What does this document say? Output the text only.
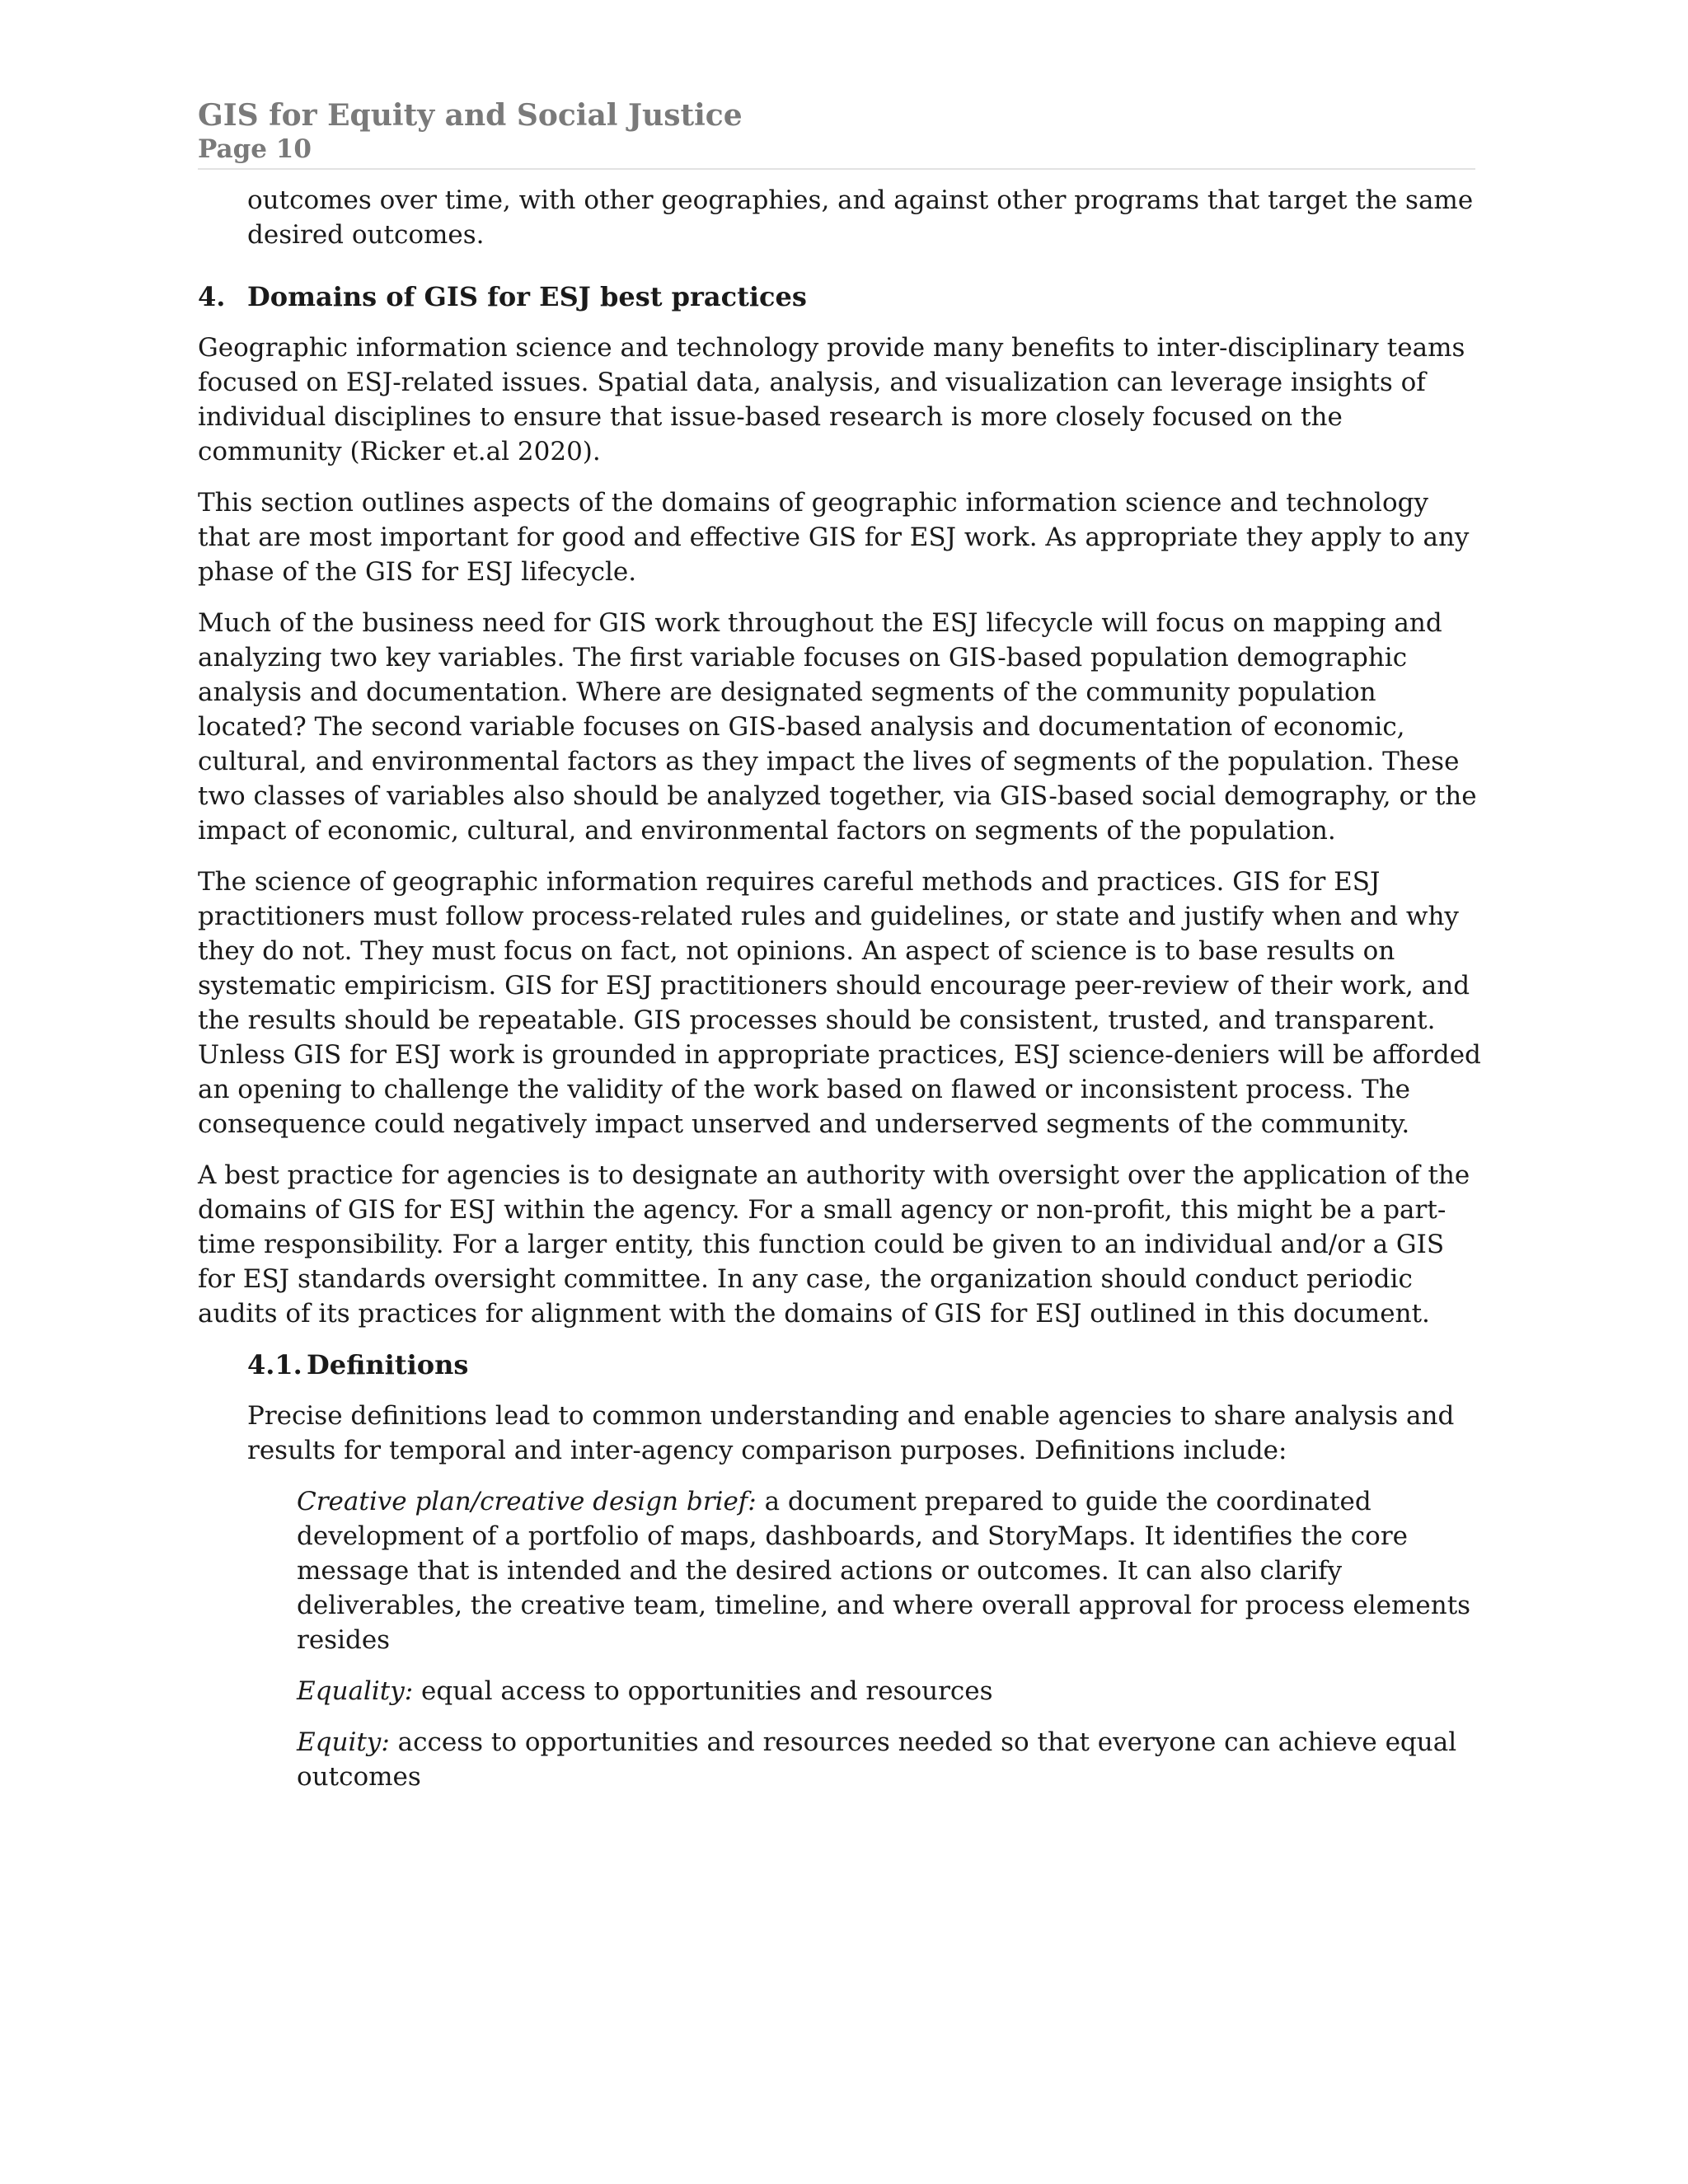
GIS for Equity and Social Justice
Page 10

outcomes over time, with other geographies, and against other programs that target the same desired outcomes.

4. Domains of GIS for ESJ best practices

Geographic information science and technology provide many benefits to inter-disciplinary teams focused on ESJ-related issues. Spatial data, analysis, and visualization can leverage insights of individual disciplines to ensure that issue-based research is more closely focused on the community (Ricker et.al 2020).

This section outlines aspects of the domains of geographic information science and technology that are most important for good and effective GIS for ESJ work. As appropriate they apply to any phase of the GIS for ESJ lifecycle.

Much of the business need for GIS work throughout the ESJ lifecycle will focus on mapping and analyzing two key variables. The first variable focuses on GIS-based population demographic analysis and documentation. Where are designated segments of the community population located? The second variable focuses on GIS-based analysis and documentation of economic, cultural, and environmental factors as they impact the lives of segments of the population. These two classes of variables also should be analyzed together, via GIS-based social demography, or the impact of economic, cultural, and environmental factors on segments of the population.

The science of geographic information requires careful methods and practices. GIS for ESJ practitioners must follow process-related rules and guidelines, or state and justify when and why they do not. They must focus on fact, not opinions. An aspect of science is to base results on systematic empiricism. GIS for ESJ practitioners should encourage peer-review of their work, and the results should be repeatable. GIS processes should be consistent, trusted, and transparent. Unless GIS for ESJ work is grounded in appropriate practices, ESJ science-deniers will be afforded an opening to challenge the validity of the work based on flawed or inconsistent process. The consequence could negatively impact unserved and underserved segments of the community.

A best practice for agencies is to designate an authority with oversight over the application of the domains of GIS for ESJ within the agency. For a small agency or non-profit, this might be a part-time responsibility. For a larger entity, this function could be given to an individual and/or a GIS for ESJ standards oversight committee. In any case, the organization should conduct periodic audits of its practices for alignment with the domains of GIS for ESJ outlined in this document.

4.1. Definitions

Precise definitions lead to common understanding and enable agencies to share analysis and results for temporal and inter-agency comparison purposes. Definitions include:

Creative plan/creative design brief: a document prepared to guide the coordinated development of a portfolio of maps, dashboards, and StoryMaps. It identifies the core message that is intended and the desired actions or outcomes. It can also clarify deliverables, the creative team, timeline, and where overall approval for process elements resides

Equality: equal access to opportunities and resources

Equity: access to opportunities and resources needed so that everyone can achieve equal outcomes
